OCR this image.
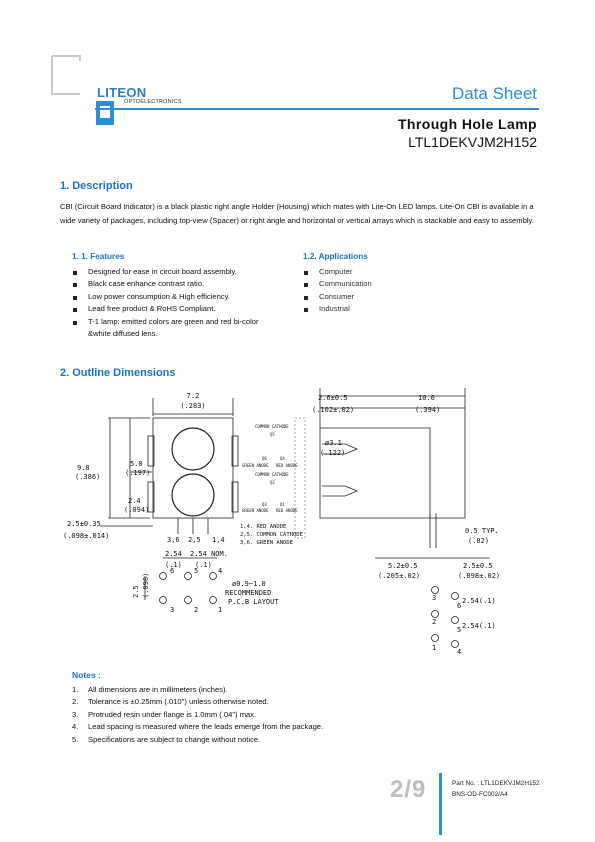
LITEON
OPTOELECTRONICS	Data Sheet
Through Hole Lamp
LTL1DEKVJM2H152
1. Description
CBI (Circuit Board Indicator) is a black plastic right angle Holder (Housing) which mates with Lite-On LED lamps. Lite-On CBI is available in a wide variety of packages, including top-view (Spacer) or right angle and horizontal or vertical arrays which is stackable and easy to assembly.
1. 1. Features
Designed for ease in circuit board assembly.
Black case enhance contrast ratio.
Low power consumption & High efficiency.
Lead free product & RoHS Compliant.
T-1 lamp: emitted colors are green and red bi-color
&white diffused lens.
1.2. Applications
Computer
Communication
Consumer
Industrial
2. Outline Dimensions
7.2
(.283)
9.8
(.386)
5.0
(.197)
2.4
(.094)
2.5±0.35
(.098±.014)	3,6 2,5 1,4
2.54
(.1)
2.54 NOM.
(.1)
2.5 (.098)
6	5	4
3	2	1
ø0.9~1.0
RECOMMENDED
P.C.B LAYOUT
1,4. RED ANODE
2,5. COMMON CATHODE
3,6. GREEN ANODE
COMMON CATHODE
Q5
Q6	Q4
GREEN ANODE RED ANODE
COMMON CATHODE
Q2
Q3	Q1
GREEN ANODE RED ANODE
2.6±0.5
(.102±.02)
10.0
(.394)
ø3.1
(.122)
0.5 TYP.
(.02)
5.2±0.5
(.205±.02)
2.5±0.5
(.098±.02)
2.54(.1)
2.54(.1)
3
6
2
5
1	4
Notes :
1. All dimensions are in millimeters (inches).
2. Tolerance is ±0.25mm (.010") unless otherwise noted.
3. Protruded resin under flange is 1.0mm (.04") max.
4. Lead spacing is measured where the leads emerge from the package.
5. Specifications are subject to change without notice.
2/9	Part No. : LTL1DEKVJM2H152
BNS-OD-FC002/A4
